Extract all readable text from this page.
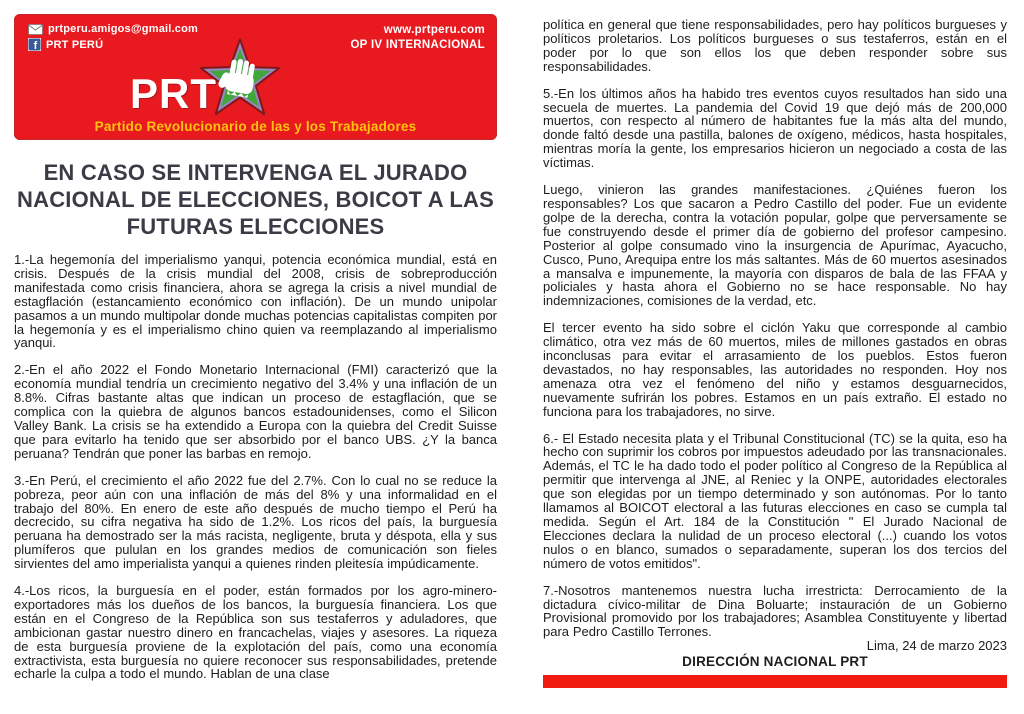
prtperu.amigos@gmail.com
f PRT PERÚ
www.prtperu.com
OP IV INTERNACIONAL
PRT
Partido Revolucionario de las y los Trabajadores
EN CASO SE INTERVENGA EL JURADO
NACIONAL DE ELECCIONES, BOICOT A LAS
FUTURAS ELECCIONES

1.-La hegemonía del imperialismo yanqui, potencia económica mundial, está en crisis. Después de la crisis mundial del 2008, crisis de sobreproducción manifestada como crisis financiera, ahora se agrega la crisis a nivel mundial de estagflación (estancamiento económico con inflación). De un mundo unipolar pasamos a un mundo multipolar donde muchas potencias capitalistas compiten por la hegemonía y es el imperialismo chino quien va reemplazando al imperialismo yanqui.

2.-En el año 2022 el Fondo Monetario Internacional (FMI) caracterizó que la economía mundial tendría un crecimiento negativo del 3.4% y una inflación de un 8.8%. Cifras bastante altas que indican un proceso de estagflación, que se complica con la quiebra de algunos bancos estadounidenses, como el Silicon Valley Bank. La crisis se ha extendido a Europa con la quiebra del Credit Suisse que para evitarlo ha tenido que ser absorbido por el banco UBS. ¿Y la banca peruana? Tendrán que poner las barbas en remojo.

3.-En Perú, el crecimiento el año 2022 fue del 2.7%. Con lo cual no se reduce la pobreza, peor aún con una inflación de más del 8% y una informalidad en el trabajo del 80%. En enero de este año después de mucho tiempo el Perú ha decrecido, su cifra negativa ha sido de 1.2%. Los ricos del país, la burguesía peruana ha demostrado ser la más racista, negligente, bruta y déspota, ella y sus plumíferos que pululan en los grandes medios de comunicación son fieles sirvientes del amo imperialista yanqui a quienes rinden pleitesía impúdicamente.

4.-Los ricos, la burguesía en el poder, están formados por los agro-minero-exportadores más los dueños de los bancos, la burguesía financiera. Los que están en el Congreso de la República son sus testaferros y aduladores, que ambicionan gastar nuestro dinero en francachelas, viajes y asesores. La riqueza de esta burguesía proviene de la explotación del país, como una economía extractivista, esta burguesía no quiere reconocer sus responsabilidades, pretende echarle la culpa a todo el mundo. Hablan de una clase

política en general que tiene responsabilidades, pero hay políticos burgueses y políticos proletarios. Los políticos burgueses o sus testaferros, están en el poder por lo que son ellos los que deben responder sobre sus responsabilidades.

5.-En los últimos años ha habido tres eventos cuyos resultados han sido una secuela de muertes. La pandemia del Covid 19 que dejó más de 200,000 muertos, con respecto al número de habitantes fue la más alta del mundo, donde faltó desde una pastilla, balones de oxígeno, médicos, hasta hospitales, mientras moría la gente, los empresarios hicieron un negociado a costa de las víctimas.

Luego, vinieron las grandes manifestaciones. ¿Quiénes fueron los responsables? Los que sacaron a Pedro Castillo del poder. Fue un evidente golpe de la derecha, contra la votación popular, golpe que perversamente se fue construyendo desde el primer día de gobierno del profesor campesino. Posterior al golpe consumado vino la insurgencia de Apurímac, Ayacucho, Cusco, Puno, Arequipa entre los más saltantes. Más de 60 muertos asesinados a mansalva e impunemente, la mayoría con disparos de bala de las FFAA y policiales y hasta ahora el Gobierno no se hace responsable. No hay indemnizaciones, comisiones de la verdad, etc.

El tercer evento ha sido sobre el ciclón Yaku que corresponde al cambio climático, otra vez más de 60 muertos, miles de millones gastados en obras inconclusas para evitar el arrasamiento de los pueblos. Estos fueron devastados, no hay responsables, las autoridades no responden. Hoy nos amenaza otra vez el fenómeno del niño y estamos desguarnecidos, nuevamente sufrirán los pobres. Estamos en un país extraño. El estado no funciona para los trabajadores, no sirve.

6.- El Estado necesita plata y el Tribunal Constitucional (TC) se la quita, eso ha hecho con suprimir los cobros por impuestos adeudado por las transnacionales. Además, el TC le ha dado todo el poder político al Congreso de la República al permitir que intervenga al JNE, al Reniec y la ONPE, autoridades electorales que son elegidas por un tiempo determinado y son autónomas. Por lo tanto llamamos al BOICOT electoral a las futuras elecciones en caso se cumpla tal medida. Según el Art. 184 de la Constitución " El Jurado Nacional de Elecciones declara la nulidad de un proceso electoral (...) cuando los votos nulos o en blanco, sumados o separadamente, superan los dos tercios del número de votos emitidos".

7.-Nosotros mantenemos nuestra lucha irrestricta: Derrocamiento de la dictadura cívico-militar de Dina Boluarte; instauración de un Gobierno Provisional promovido por los trabajadores; Asamblea Constituyente y libertad para Pedro Castillo Terrones.

Lima, 24 de marzo 2023
DIRECCIÓN NACIONAL PRT
